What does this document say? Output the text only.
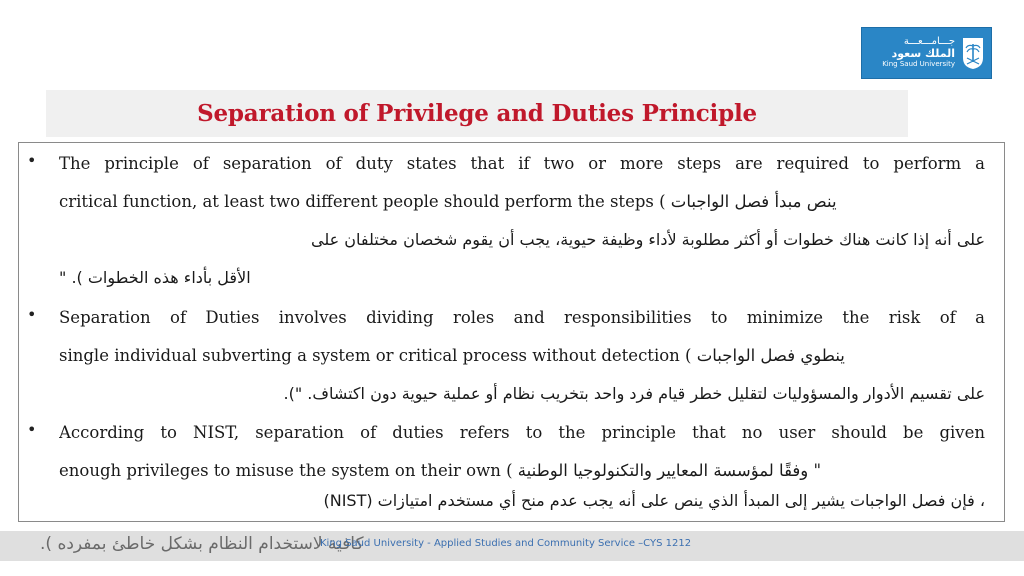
جـــامـــعـــة
الملك سعود
King Saud University
Separation of Privilege and Duties Principle
• The principle of separation of duty states that if two or more steps are required to perform a
critical function, at least two different people should perform the steps ( ينص مبدأ فصل الواجبات
على أنه إذا كانت هناك خطوات أو أكثر مطلوبة لأداء وظيفة حيوية، يجب أن يقوم شخصان مختلفان على
الأقل بأداء هذه الخطوات ). "
• Separation of Duties involves dividing roles and responsibilities to minimize the risk of a
single individual subverting a system or critical process without detection ( ينطوي فصل الواجبات
على تقسيم الأدوار والمسؤوليات لتقليل خطر قيام فرد واحد بتخريب نظام أو عملية حيوية دون اكتشاف. ").
• According to NIST, separation of duties refers to the principle that no user should be given
enough privileges to misuse the system on their own ( وفقًا لمؤسسة المعايير والتكنولوجيا الوطنية "
، فإن فصل الواجبات يشير إلى المبدأ الذي ينص على أنه يجب عدم منح أي مستخدم امتيازات (NIST)
كافية لاستخدام النظام بشكل خاطئ بمفرده ).
King Saud University - Applied Studies and Community Service –CYS 1212
